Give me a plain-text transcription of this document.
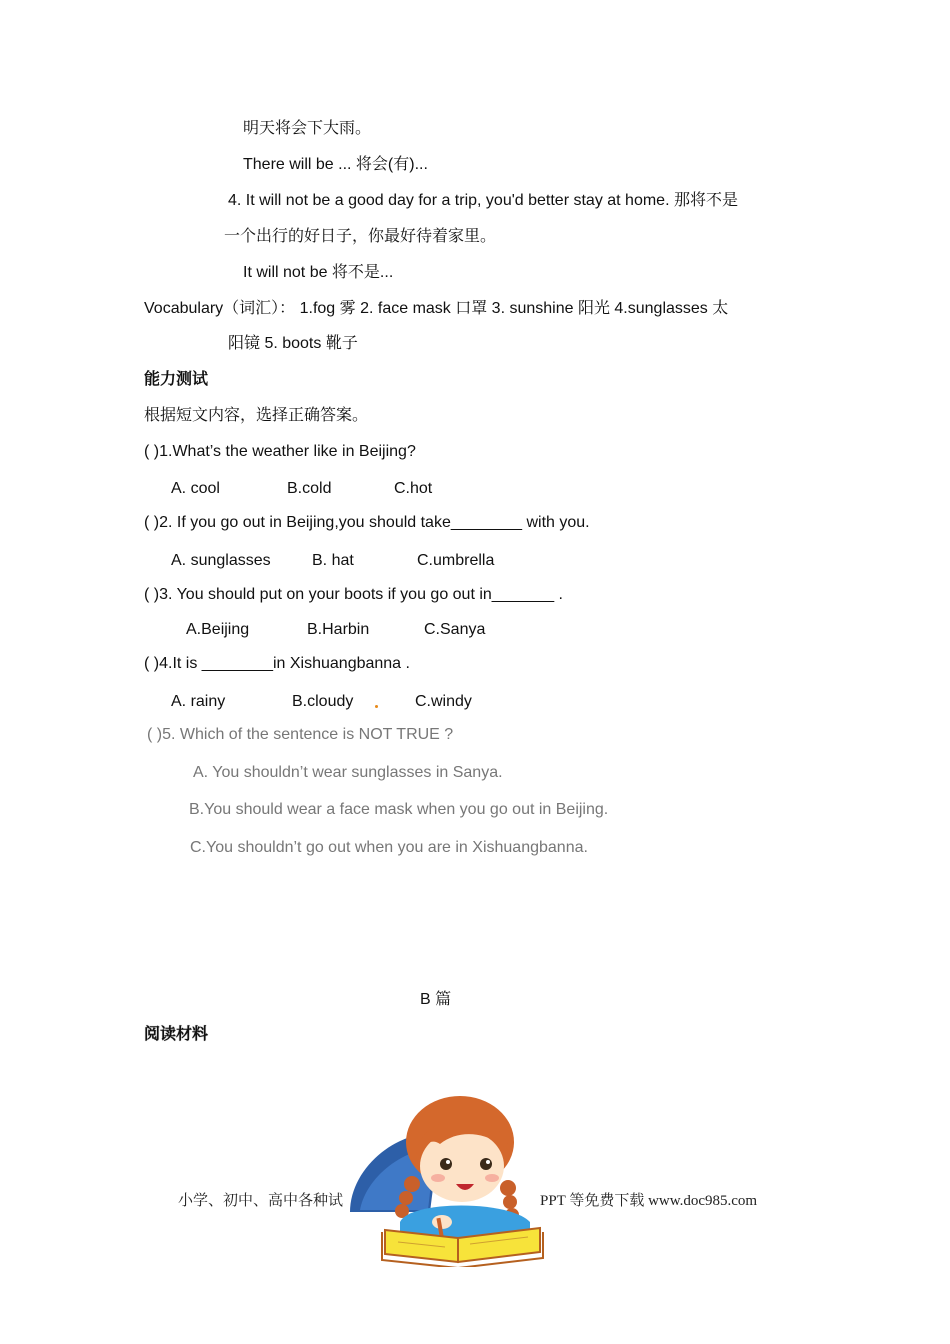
明天将会下大雨。
There will be ... 将会(有)...
4. It will not be a good day for a trip, you'd better stay at home. 那将不是
一个出行的好日子，你最好待着家里。
It will not be 将不是...
Vocabulary（词汇）： 1.fog 雾 2. face mask 口罩 3. sunshine 阳光 4.sunglasses 太
阳镜 5. boots 靴子
能力测试
根据短文内容，选择正确答案。
( )1.What’s the weather like in Beijing?
A. cool	B.cold	C.hot
( )2. If you go out in Beijing,you should take________ with you.
A. sunglasses	B. hat	C.umbrella
( )3. You should put on your boots if you go out in_______ .
A.Beijing	B.Harbin	C.Sanya
( )4.It is ________in Xishuangbanna .
A. rainy	B.cloudy	C.windy
( )5. Which of the sentence is NOT TRUE ?
A. You shouldn’t wear sunglasses in Sanya.
B.You should wear a face mask when you go out in Beijing.
C.You shouldn’t go out when you are in Xishuangbanna.
B 篇
阅读材料
小学、初中、高中各种试	PPT 等免费下载 www.doc985.com
